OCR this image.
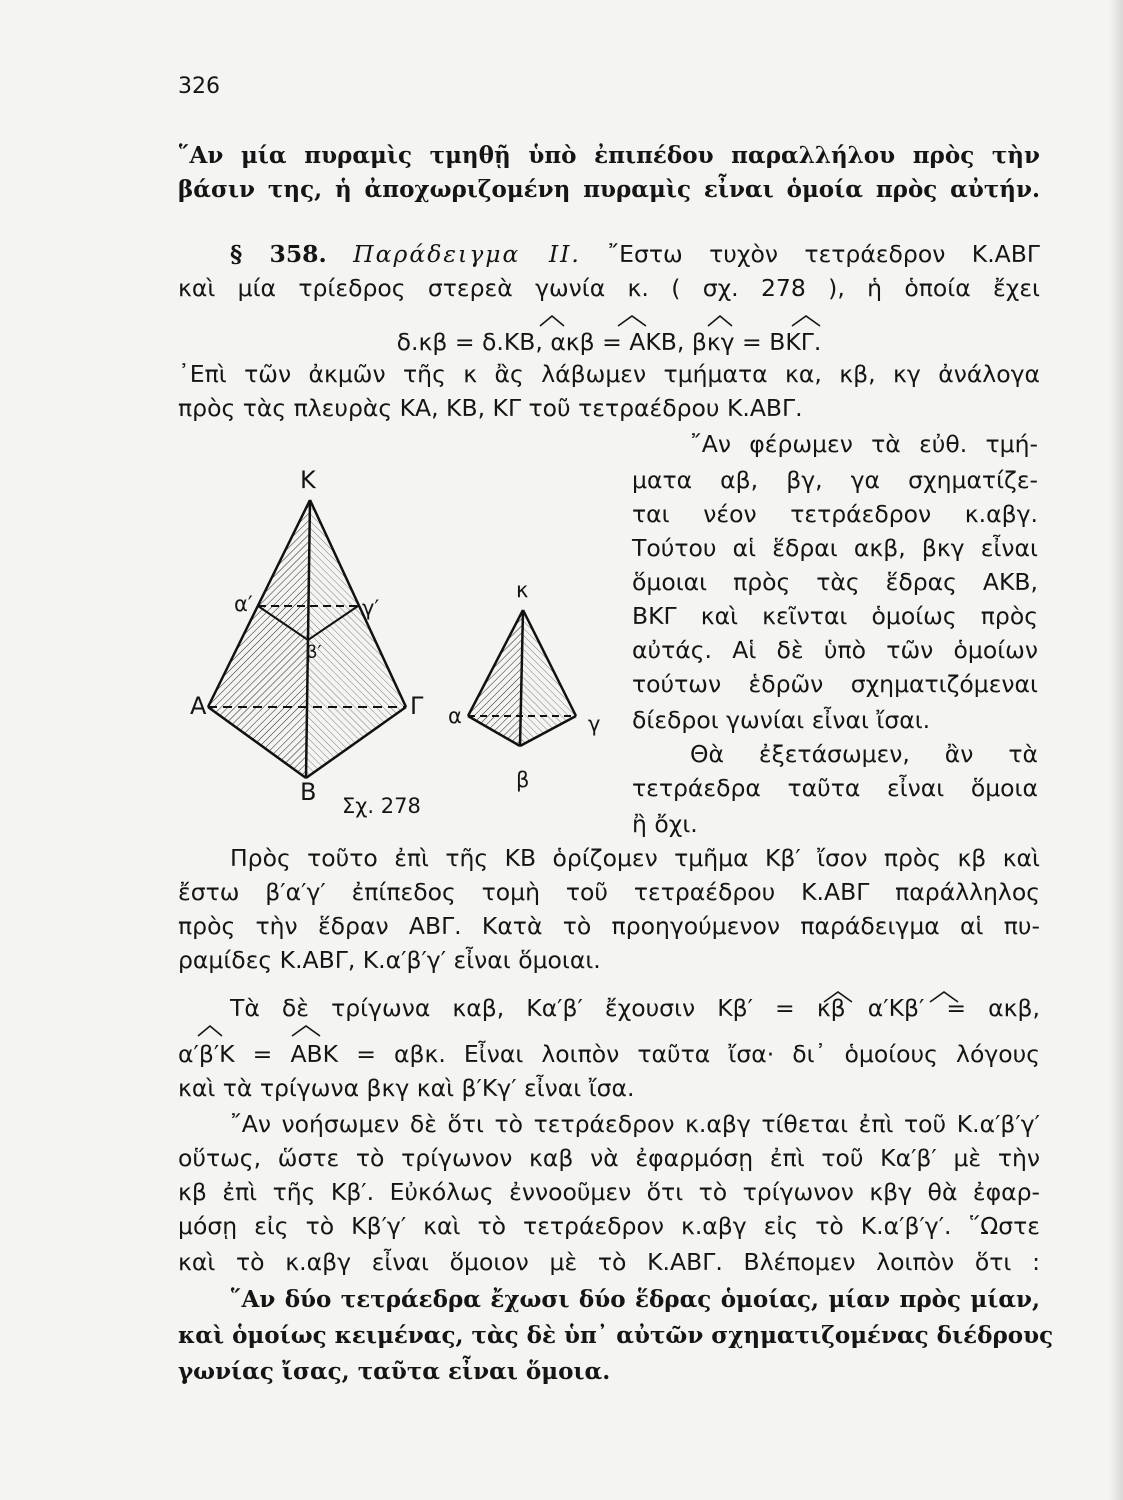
326
῞Αν μία πυραμὶς τμηθῇ ὑπὸ ἐπιπέδου παραλλήλου πρὸς τὴν
βάσιν της, ἡ ἀποχωριζομένη πυραμὶς εἶναι ὁμοία πρὸς αὐτήν.
§ 358. Παράδειγμα ΙΙ. ῎Εστω τυχὸν τετράεδρον Κ.ΑΒΓ
καὶ μία τρίεδρος στερεὰ γωνία κ. ( σχ. 278 ), ἡ ὁποία ἔχει
δ.κβ = δ.ΚΒ, ακβ = ΑΚΒ, βκγ = ΒΚΓ.
᾿Επὶ τῶν ἀκμῶν τῆς κ ἂς λάβωμεν τμήματα κα, κβ, κγ ἀνάλογα
πρὸς τὰς πλευρὰς ΚΑ, ΚΒ, ΚΓ τοῦ τετραέδρου Κ.ΑΒΓ.
῎Αν φέρωμεν τὰ εὐθ. τμή-
ματα αβ, βγ, γα σχηματίζε-
ται νέον τετράεδρον κ.αβγ.
Τούτου αἱ ἕδραι ακβ, βκγ εἶναι
ὅμοιαι πρὸς τὰς ἕδρας ΑΚΒ,
ΒΚΓ καὶ κεῖνται ὁμοίως πρὸς
αὐτάς. Αἱ δὲ ὑπὸ τῶν ὁμοίων
τούτων ἑδρῶν σχηματιζόμεναι
δίεδροι γωνίαι εἶναι ἴσαι.
Θὰ ἐξετάσωμεν, ἂν τὰ
τετράεδρα ταῦτα εἶναι ὅμοια
ἢ ὄχι.
Κ
α′	γ′
β′
Α	Γ
Β Σχ. 278
κ
α	γ
β
Πρὸς τοῦτο ἐπὶ τῆς ΚΒ ὁρίζομεν τμῆμα Κβ′ ἴσον πρὸς κβ καὶ
ἔστω β′α′γ′ ἐπίπεδος τομὴ τοῦ τετραέδρου Κ.ΑΒΓ παράλληλος
πρὸς τὴν ἕδραν ΑΒΓ. Κατὰ τὸ προηγούμενον παράδειγμα αἱ πυ-
ραμίδες Κ.ΑΒΓ, Κ.α′β′γ′ εἶναι ὅμοιαι.
Τὰ δὲ τρίγωνα καβ, Κα′β′ ἔχουσιν Κβ′ = κβ α′Κβ′ = ακβ,
α′β′Κ = ΑΒΚ = αβκ. Εἶναι λοιπὸν ταῦτα ἴσα· δι᾿ ὁμοίους λόγους
καὶ τὰ τρίγωνα βκγ καὶ β′Κγ′ εἶναι ἴσα.
῎Αν νοήσωμεν δὲ ὅτι τὸ τετράεδρον κ.αβγ τίθεται ἐπὶ τοῦ Κ.α′β′γ′
οὕτως, ὥστε τὸ τρίγωνον καβ νὰ ἐφαρμόσῃ ἐπὶ τοῦ Κα′β′ μὲ τὴν
κβ ἐπὶ τῆς Κβ′. Εὐκόλως ἐννοοῦμεν ὅτι τὸ τρίγωνον κβγ θὰ ἐφαρ-
μόσῃ εἰς τὸ Κβ′γ′ καὶ τὸ τετράεδρον κ.αβγ εἰς τὸ Κ.α′β′γ′. ῞Ωστε
καὶ τὸ κ.αβγ εἶναι ὅμοιον μὲ τὸ Κ.ΑΒΓ. Βλέπομεν λοιπὸν ὅτι :
῞Αν δύο τετράεδρα ἔχωσι δύο ἕδρας ὁμοίας, μίαν πρὸς μίαν,
καὶ ὁμοίως κειμένας, τὰς δὲ ὑπ᾿ αὐτῶν σχηματιζομένας διέδρους
γωνίας ἴσας, ταῦτα εἶναι ὅμοια.
